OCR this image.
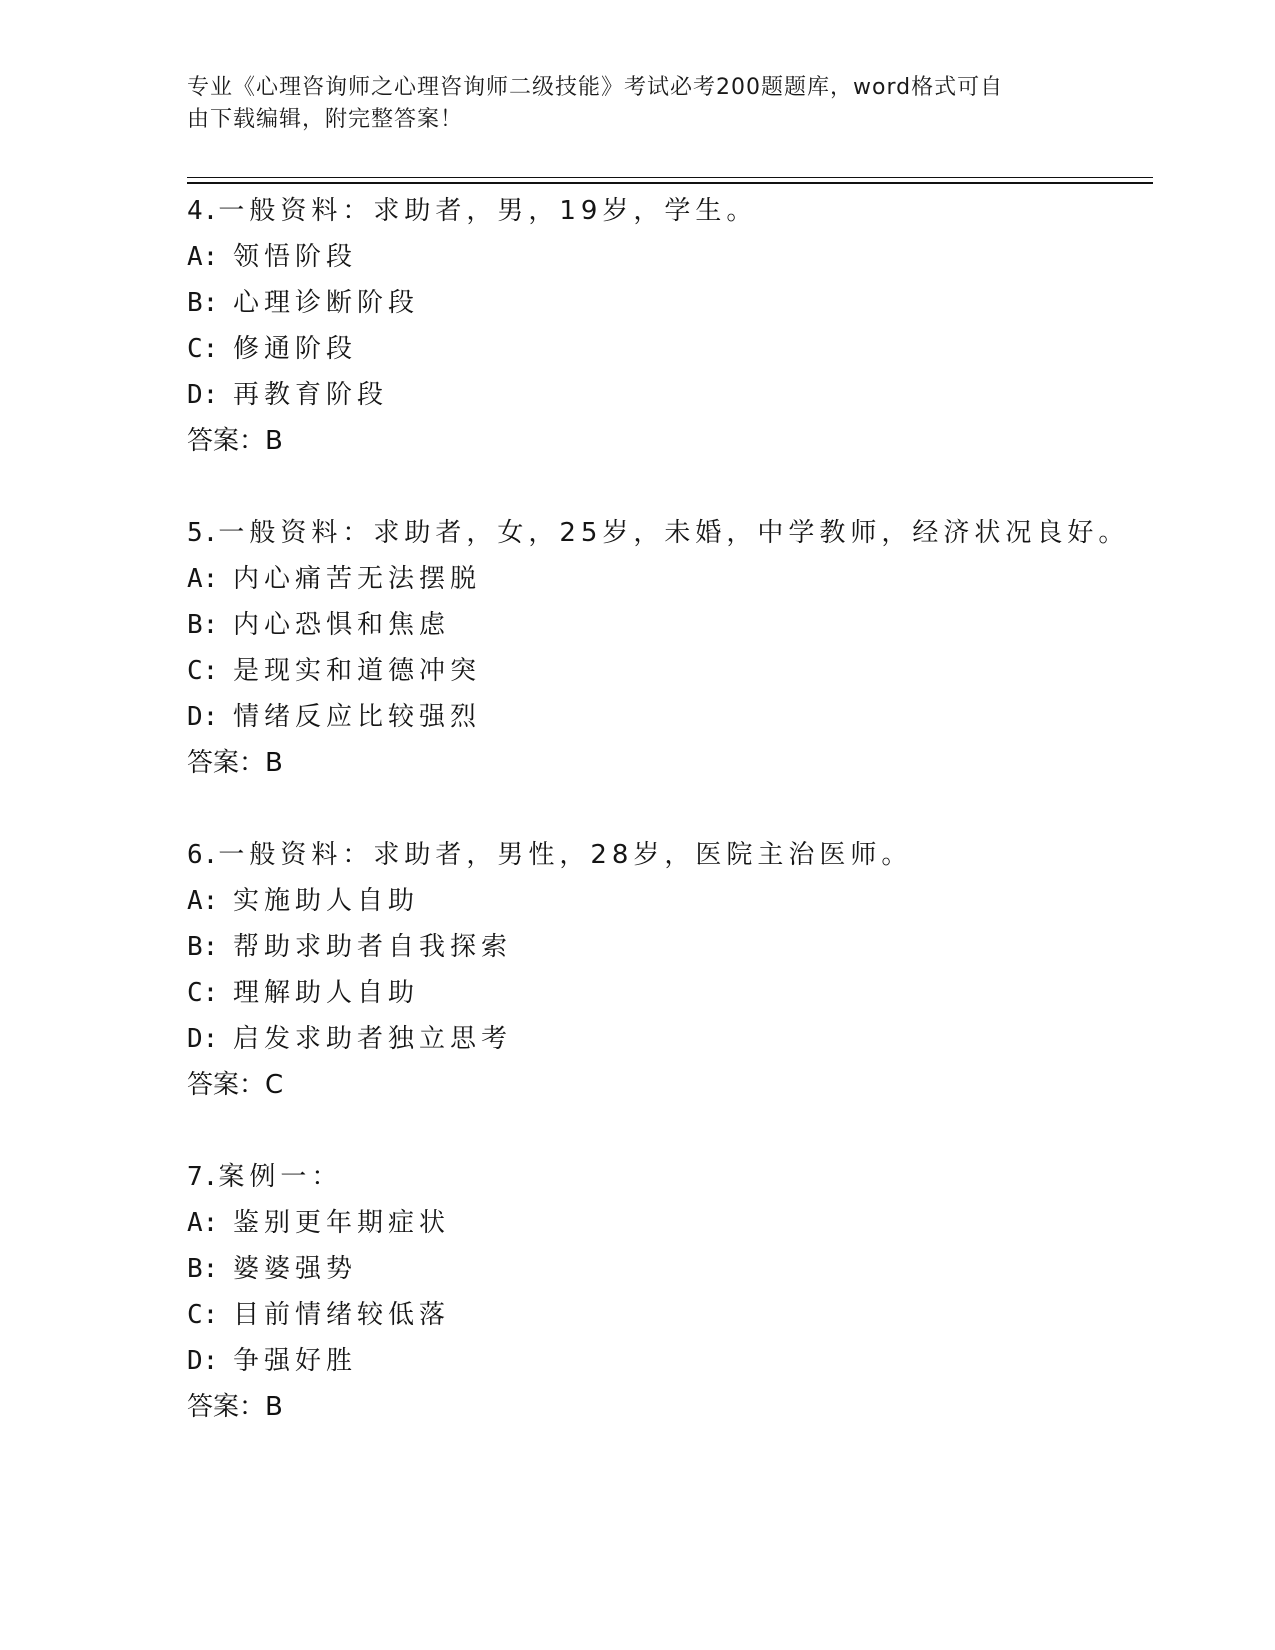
专业《心理咨询师之心理咨询师二级技能》考试必考200题题库，word格式可自
由下载编辑，附完整答案！
4.一般资料：求助者，男，19岁，学生。
A: 领悟阶段
B: 心理诊断阶段
C: 修通阶段
D: 再教育阶段
答案：B
5.一般资料：求助者，女，25岁，未婚，中学教师，经济状况良好。
A: 内心痛苦无法摆脱
B: 内心恐惧和焦虑
C: 是现实和道德冲突
D: 情绪反应比较强烈
答案：B
6.一般资料：求助者，男性，28岁，医院主治医师。
A: 实施助人自助
B: 帮助求助者自我探索
C: 理解助人自助
D: 启发求助者独立思考
答案：C
7.案例一：
A: 鉴别更年期症状
B: 婆婆强势
C: 目前情绪较低落
D: 争强好胜
答案：B
